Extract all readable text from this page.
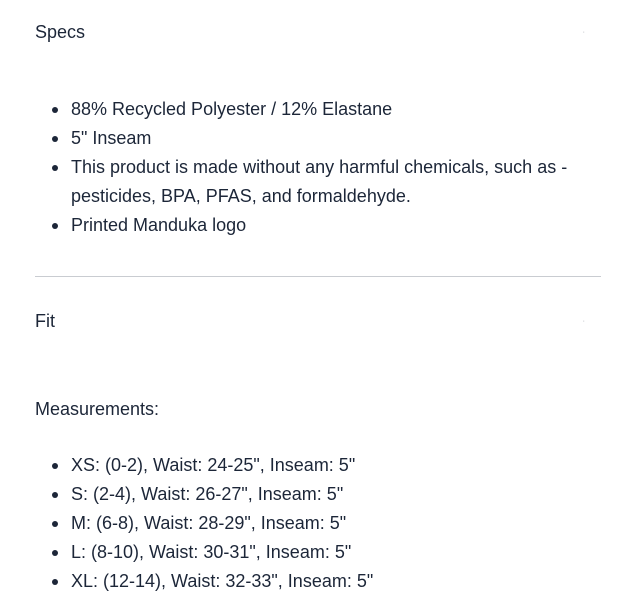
Specs	·
88% Recycled Polyester / 12% Elastane
5" Inseam
This product is made without any harmful chemicals, such as - pesticides, BPA, PFAS, and formaldehyde.
Printed Manduka logo
Fit	·
Measurements:
XS: (0-2), Waist: 24-25", Inseam: 5"
S: (2-4), Waist: 26-27", Inseam: 5"
M: (6-8), Waist: 28-29", Inseam: 5"
L: (8-10), Waist: 30-31", Inseam: 5"
XL: (12-14), Waist: 32-33", Inseam: 5"
